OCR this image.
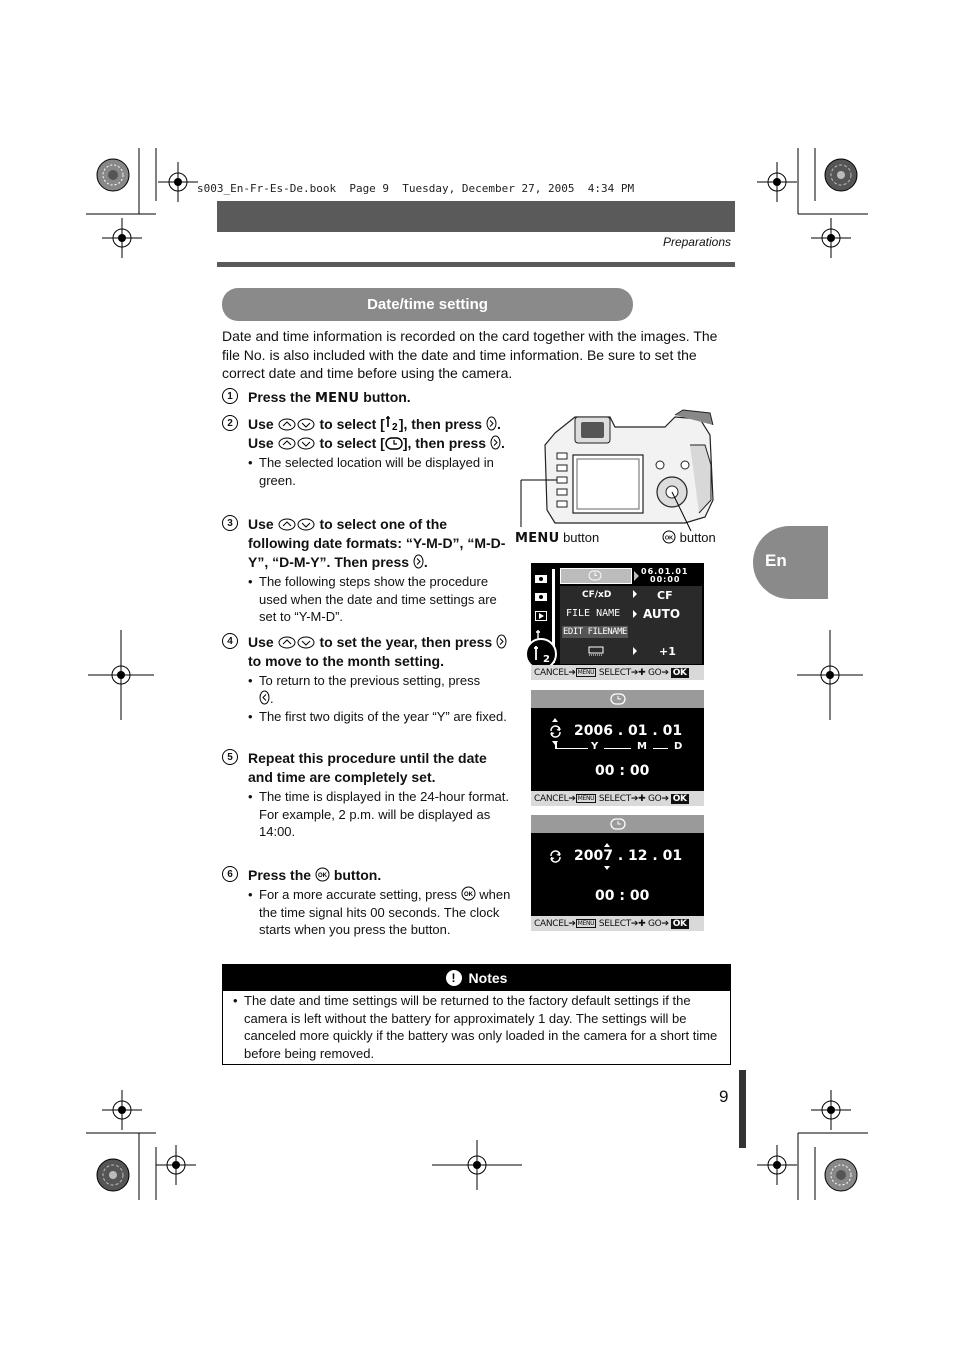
s003_En-Fr-Es-De.book  Page 9  Tuesday, December 27, 2005  4:34 PM
Preparations
Date/time setting

Date and time information is recorded on the card together with the images. The file No. is also included with the date and time information. Be sure to set the correct date and time before using the camera.

1	Press the MENU button.
2	Use	to select [ 2 ], then press . Use	to select [ ], then press .
• The selected location will be displayed in green.
3	Use	to select one of the following date formats: “Y-M-D”, “M-D-Y”, “D-M-Y”. Then press .
• The following steps show the procedure used when the date and time settings are set to “Y-M-D”.
4	Use	to set the year, then press  to move to the month setting.
• To return to the previous setting, press
.
• The first two digits of the year “Y” are fixed.
5	Repeat this procedure until the date and time are completely set.
• The time is displayed in the 24-hour format.
For example, 2 p.m. will be displayed as 14:00.
6	Press the OK button.
• For a more accurate setting, press OK when the time signal hits 00 seconds. The clock starts when you press the button.
MENU button	OK button
En
2
06.01.01
00:00
CF/xD	CF
FILE NAME AUTO
EDIT FILENAME
+1
CANCEL ➔ MENU
SELECT ➔✚ GO ➔ OK
2006 . 01 . 01
Y	M	D
00 : 00
CANCEL ➔ MENU
SELECT ➔✚ GO ➔ OK
2007 . 12 . 01
00 : 00
CANCEL ➔ MENU
SELECT ➔✚ GO ➔ OK
! Notes
• The date and time settings will be returned to the factory default settings if the camera is left without the battery for approximately 1 day. The settings will be canceled more quickly if the battery was only loaded in the camera for a short time before being removed.
9
